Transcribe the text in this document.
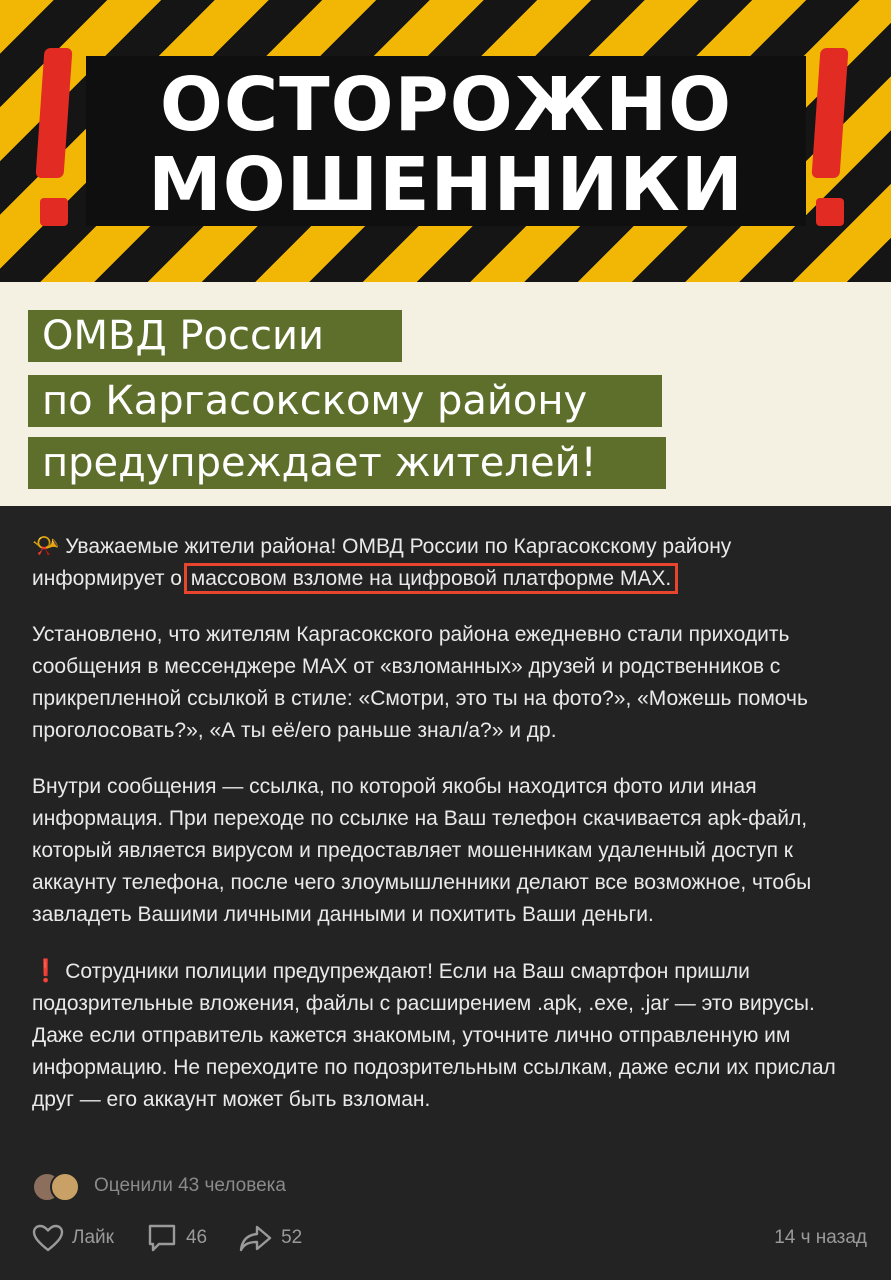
ОСТОРОЖНО
МОШЕННИКИ
ОМВД России
по Каргасокскому району
предупреждает жителей!

📯 Уважаемые жители района! ОМВД России по Каргасокскому району информирует о массовом взломе на цифровой платформе MAX.

Установлено, что жителям Каргасокского района ежедневно стали приходить сообщения в мессенджере MAX от «взломанных» друзей и родственников с прикрепленной ссылкой в стиле: «Смотри, это ты на фото?», «Можешь помочь проголосовать?», «А ты её/его раньше знал/а?» и др.

Внутри сообщения — ссылка, по которой якобы находится фото или иная информация. При переходе по ссылке на Ваш телефон скачивается apk-файл, который является вирусом и предоставляет мошенникам удаленный доступ к аккаунту телефона, после чего злоумышленники делают все возможное, чтобы завладеть Вашими личными данными и похитить Ваши деньги.

❗ Сотрудники полиции предупреждают! Если на Ваш смартфон пришли подозрительные вложения, файлы с расширением .apk, .exe, .jar — это вирусы. Даже если отправитель кажется знакомым, уточните лично отправленную им информацию. Не переходите по подозрительным ссылкам, даже если их прислал друг — его аккаунт может быть взломан.

Оценили 43 человека
Лайк	46	52	14 ч назад
